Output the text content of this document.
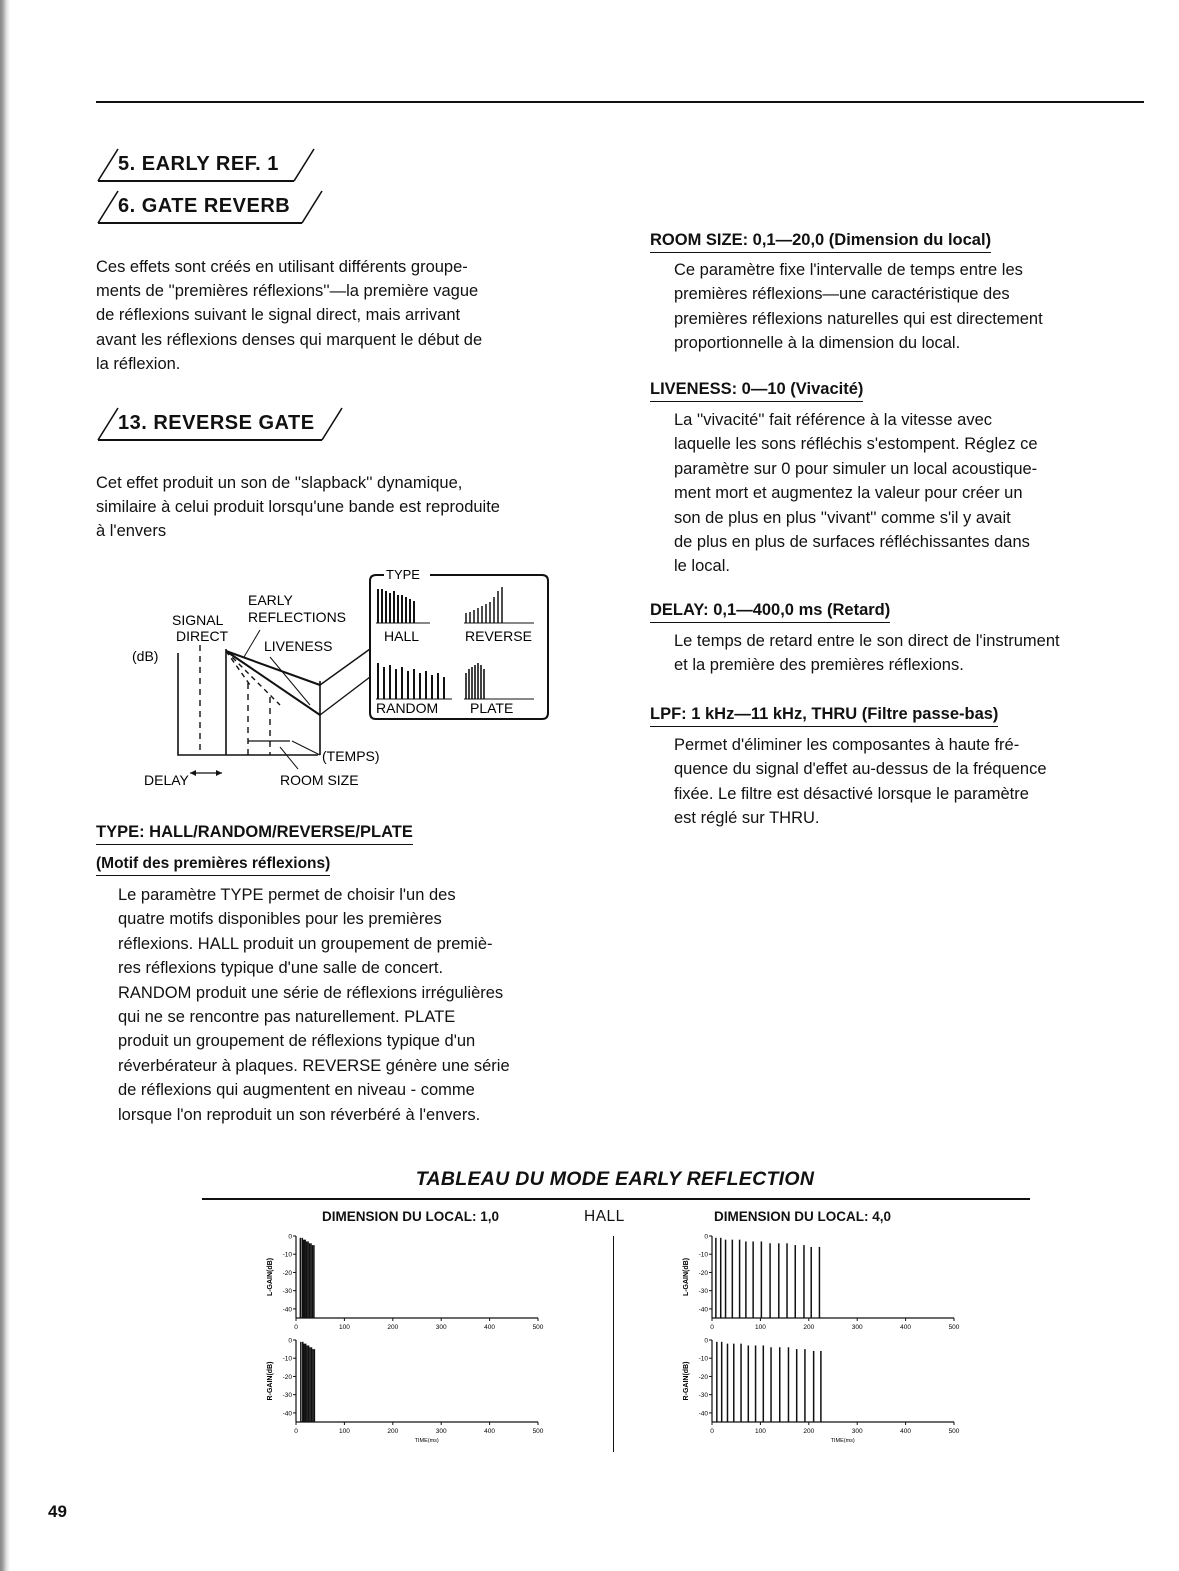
5. EARLY REF. 1
6. GATE REVERB
Ces effets sont créés en utilisant différents groupe-
ments de ''premières réflexions''—la première vague
de réflexions suivant le signal direct, mais arrivant
avant les réflexions denses qui marquent le début de
la réflexion.
13. REVERSE GATE
Cet effet produit un son de ''slapback'' dynamique,
similaire à celui produit lorsqu'une bande est reproduite
à l'envers
TYPE
HALL	REVERSE
RANDOM PLATE
EARLY
REFLECTIONS
SIGNAL
DIRECT
(dB)
LIVENESS
(TEMPS)
DELAY	ROOM SIZE
TYPE: HALL/RANDOM/REVERSE/PLATE
(Motif des premières réflexions)
Le paramètre TYPE permet de choisir l'un des
quatre motifs disponibles pour les premières
réflexions. HALL produit un groupement de premiè-
res réflexions typique d'une salle de concert.
RANDOM produit une série de réflexions irrégulières
qui ne se rencontre pas naturellement. PLATE
produit un groupement de réflexions typique d'un
réverbérateur à plaques. REVERSE génère une série
de réflexions qui augmentent en niveau - comme
lorsque l'on reproduit un son réverbéré à l'envers.
ROOM SIZE: 0,1—20,0 (Dimension du local)
Ce paramètre fixe l'intervalle de temps entre les
premières réflexions—une caractéristique des
premières réflexions naturelles qui est directement
proportionnelle à la dimension du local.
LIVENESS: 0—10 (Vivacité)
La ''vivacité'' fait référence à la vitesse avec
laquelle les sons réfléchis s'estompent. Réglez ce
paramètre sur 0 pour simuler un local acoustique-
ment mort et augmentez la valeur pour créer un
son de plus en plus ''vivant'' comme s'il y avait
de plus en plus de surfaces réfléchissantes dans
le local.
DELAY: 0,1—400,0 ms (Retard)
Le temps de retard entre le son direct de l'instrument
et la première des premières réflexions.
LPF: 1 kHz—11 kHz, THRU (Filtre passe-bas)
Permet d'éliminer les composantes à haute fré-
quence du signal d'effet au-dessus de la fréquence
fixée. Le filtre est désactivé lorsque le paramètre
est réglé sur THRU.
TABLEAU DU MODE EARLY REFLECTION
DIMENSION DU LOCAL: 1,0	HALL	DIMENSION DU LOCAL: 4,0
L-GAIN(dB)
0
-10
-20
-30
-40
0	100	200	300	400	500
R-GAIN(dB)
0
-10
-20
-30
-40
0	100	200	300	400	500
TIME(ms)
L-GAIN(dB)
0
-10
-20
-30
-40
0	100	200	300	400	500
R-GAIN(dB)
0
-10
-20
-30
-40
0	100	200	300	400	500
TIME(ms)
49
